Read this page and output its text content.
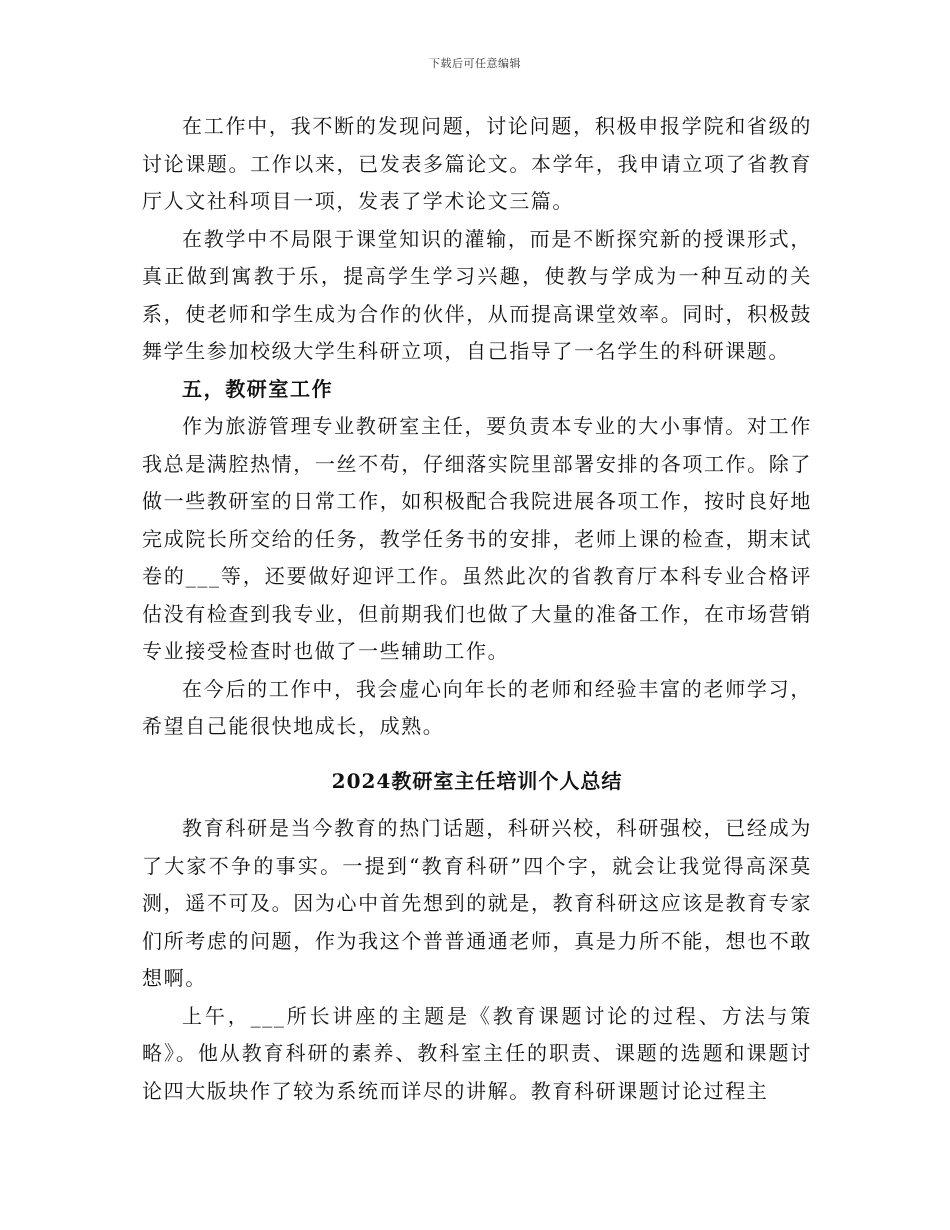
下载后可任意编辑

在工作中，我不断的发现问题，讨论问题，积极申报学院和省级的讨论课题。工作以来，已发表多篇论文。本学年，我申请立项了省教育厅人文社科项目一项，发表了学术论文三篇。

在教学中不局限于课堂知识的灌输，而是不断探究新的授课形式，真正做到寓教于乐，提高学生学习兴趣，使教与学成为一种互动的关系，使老师和学生成为合作的伙伴，从而提高课堂效率。同时，积极鼓舞学生参加校级大学生科研立项，自己指导了一名学生的科研课题。

五，教研室工作

作为旅游管理专业教研室主任，要负责本专业的大小事情。对工作我总是满腔热情，一丝不苟，仔细落实院里部署安排的各项工作。除了做一些教研室的日常工作，如积极配合我院进展各项工作，按时良好地完成院长所交给的任务，教学任务书的安排，老师上课的检查，期末试卷的___等，还要做好迎评工作。虽然此次的省教育厅本科专业合格评估没有检查到我专业，但前期我们也做了大量的准备工作，在市场营销专业接受检查时也做了一些辅助工作。

在今后的工作中，我会虚心向年长的老师和经验丰富的老师学习，希望自己能很快地成长，成熟。

2024教研室主任培训个人总结

教育科研是当今教育的热门话题，科研兴校，科研强校，已经成为了大家不争的事实。一提到“教育科研”四个字，就会让我觉得高深莫测，遥不可及。因为心中首先想到的就是，教育科研这应该是教育专家们所考虑的问题，作为我这个普普通通老师，真是力所不能，想也不敢想啊。

上午，___所长讲座的主题是《教育课题讨论的过程、方法与策略》。他从教育科研的素养、教科室主任的职责、课题的选题和课题讨论四大版块作了较为系统而详尽的讲解。教育科研课题讨论过程主
